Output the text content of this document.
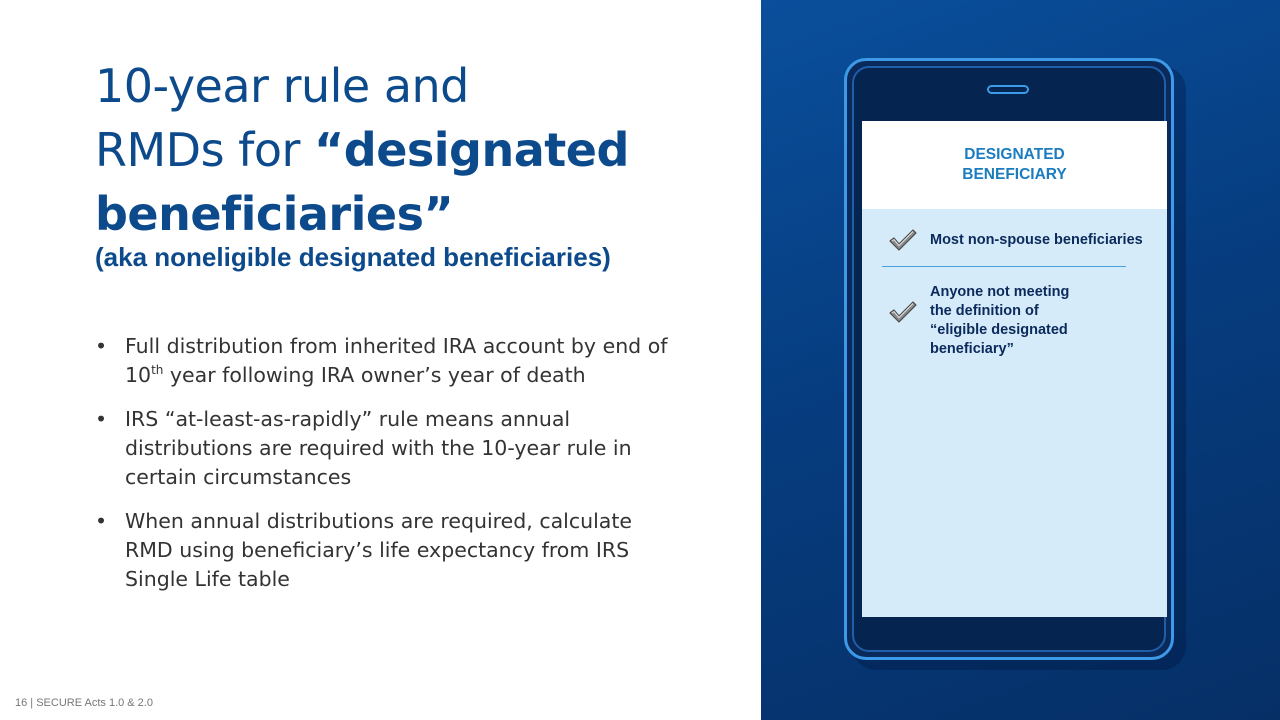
10-year rule and
RMDs for “designated
beneficiaries”
(aka noneligible designated beneficiaries)
• Full distribution from inherited IRA account by end of 10th year following IRA owner’s year of death
• IRS “at-least-as-rapidly” rule means annual distributions are required with the 10-year rule in certain circumstances
• When annual distributions are required, calculate RMD using beneficiary’s life expectancy from IRS Single Life table
16 | SECURE Acts 1.0 & 2.0
DESIGNATED
BENEFICIARY
Most non-spouse beneficiaries
Anyone not meeting
the definition of
“eligible designated
beneficiary”
